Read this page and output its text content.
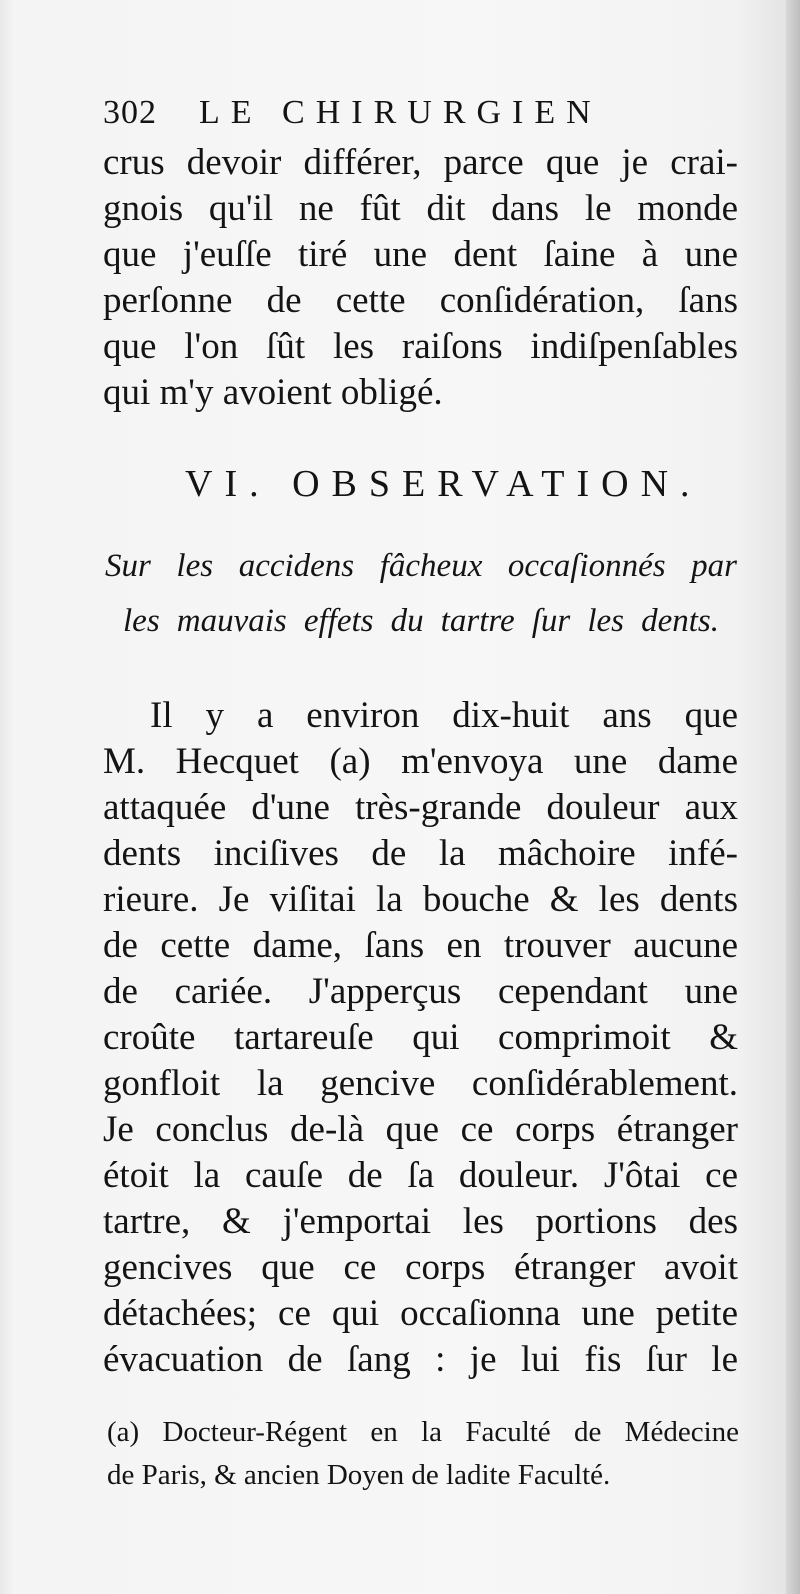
302 LE CHIRURGIEN
crus devoir différer, parce que je crai-
gnois qu'il ne fût dit dans le monde
que j'euſſe tiré une dent ſaine à une
perſonne de cette conſidération, ſans
que l'on ſût les raiſons indiſpenſables
qui m'y avoient obligé.
VI. OBSERVATION.
Sur les accidens fâcheux occaſionnés par
les mauvais effets du tartre ſur les dents.
Il y a environ dix-huit ans que
M. Hecquet (a) m'envoya une dame
attaquée d'une très-grande douleur aux
dents inciſives de la mâchoire infé-
rieure. Je viſitai la bouche & les dents
de cette dame, ſans en trouver aucune
de cariée. J'apperçus cependant une
croûte tartareuſe qui comprimoit &
gonfloit la gencive conſidérablement.
Je conclus de-là que ce corps étranger
étoit la cauſe de ſa douleur. J'ôtai ce
tartre, & j'emportai les portions des
gencives que ce corps étranger avoit
détachées; ce qui occaſionna une petite
évacuation de ſang : je lui fis ſur le
(a) Docteur-Régent en la Faculté de Médecine
de Paris, & ancien Doyen de ladite Faculté.
